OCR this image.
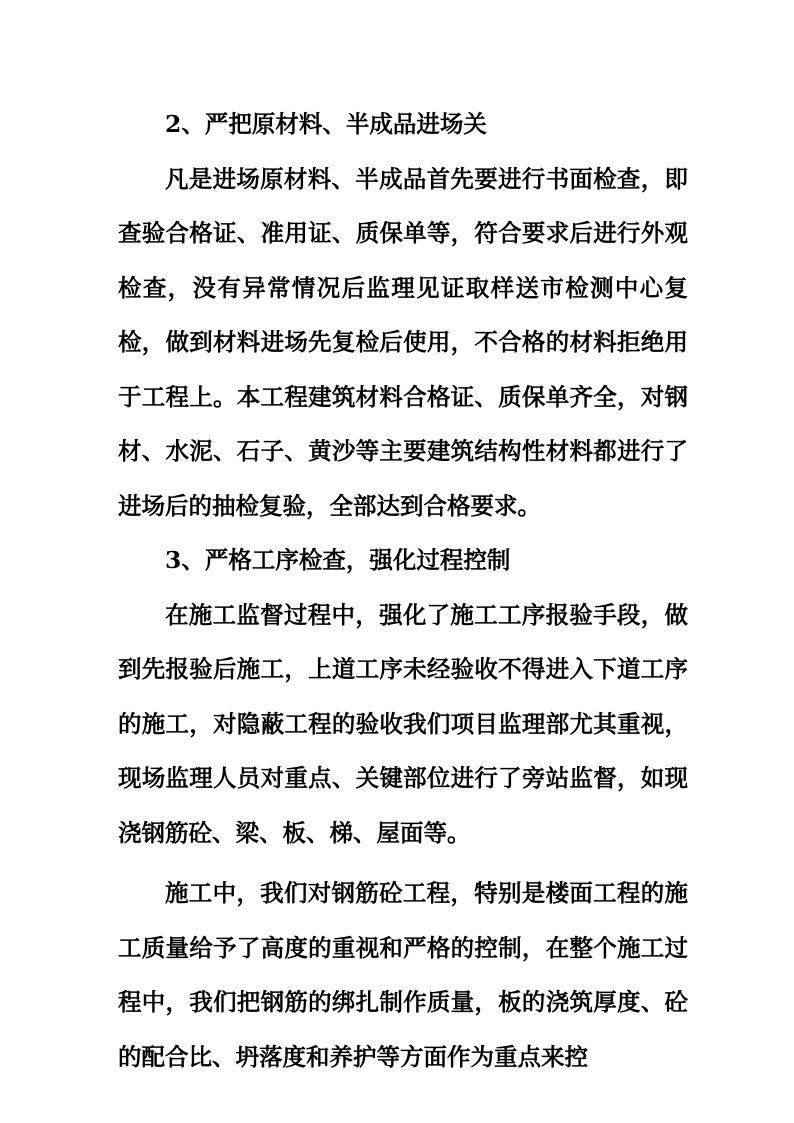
2、严把原材料、半成品进场关

凡是进场原材料、半成品首先要进行书面检查，即查验合格证、准用证、质保单等，符合要求后进行外观检查，没有异常情况后监理见证取样送市检测中心复检，做到材料进场先复检后使用，不合格的材料拒绝用于工程上。本工程建筑材料合格证、质保单齐全，对钢材、水泥、石子、黄沙等主要建筑结构性材料都进行了进场后的抽检复验，全部达到合格要求。

3、严格工序检查，强化过程控制

在施工监督过程中，强化了施工工序报验手段，做到先报验后施工，上道工序未经验收不得进入下道工序的施工，对隐蔽工程的验收我们项目监理部尤其重视，现场监理人员对重点、关键部位进行了旁站监督，如现浇钢筋砼、梁、板、梯、屋面等。

施工中，我们对钢筋砼工程，特别是楼面工程的施工质量给予了高度的重视和严格的控制，在整个施工过程中，我们把钢筋的绑扎制作质量，板的浇筑厚度、砼的配合比、坍落度和养护等方面作为重点来控
